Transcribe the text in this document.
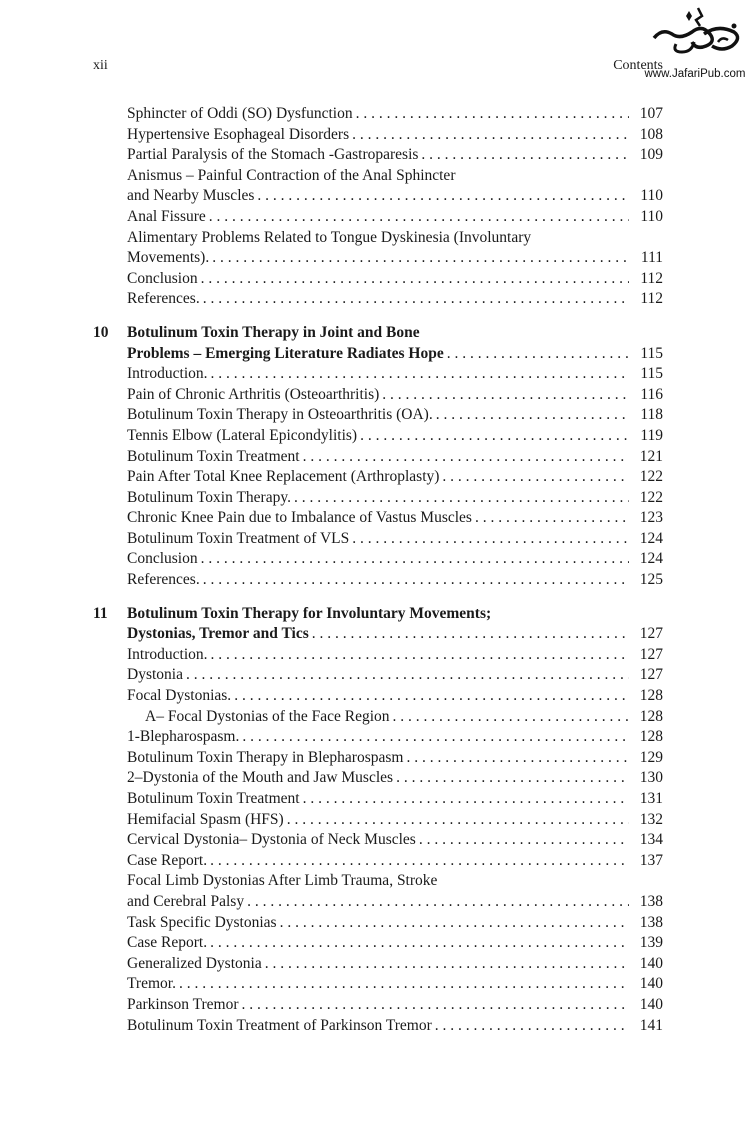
xii	Contents
www.JafariPub.com
Sphincter of Oddi (SO) Dysfunction . . .	107
Hypertensive Esophageal Disorders . . .	108
Partial Paralysis of the Stomach -Gastroparesis . . .	109
Anismus – Painful Contraction of the Anal Sphincter
and Nearby Muscles . . .	110
Anal Fissure . . .	110
Alimentary Problems Related to Tongue Dyskinesia (Involuntary
Movements). . . .	111
Conclusion . . .	112
References. . . .	112
10	Botulinum Toxin Therapy in Joint and Bone
Problems – Emerging Literature Radiates Hope . . .	115
Introduction. . . .	115
Pain of Chronic Arthritis (Osteoarthritis) . . .	116
Botulinum Toxin Therapy in Osteoarthritis (OA). . . .	118
Tennis Elbow (Lateral Epicondylitis) . . .	119
Botulinum Toxin Treatment . . .	121
Pain After Total Knee Replacement (Arthroplasty) . . .	122
Botulinum Toxin Therapy. . . .	122
Chronic Knee Pain due to Imbalance of Vastus Muscles . . .	123
Botulinum Toxin Treatment of VLS . . .	124
Conclusion . . .	124
References. . . .	125
11	Botulinum Toxin Therapy for Involuntary Movements;
Dystonias, Tremor and Tics . . .	127
Introduction. . . .	127
Dystonia . . .	127
Focal Dystonias. . . .	128
A– Focal Dystonias of the Face Region . . .	128
1-Blepharospasm. . . .	128
Botulinum Toxin Therapy in Blepharospasm . . .	129
2–Dystonia of the Mouth and Jaw Muscles . . .	130
Botulinum Toxin Treatment . . .	131
Hemifacial Spasm (HFS) . . .	132
Cervical Dystonia– Dystonia of Neck Muscles . . .	134
Case Report. . . .	137
Focal Limb Dystonias After Limb Trauma, Stroke
and Cerebral Palsy . . .	138
Task Specific Dystonias . . .	138
Case Report. . . .	139
Generalized Dystonia . . .	140
Tremor. . . .	140
Parkinson Tremor . . .	140
Botulinum Toxin Treatment of Parkinson Tremor . . .	141
